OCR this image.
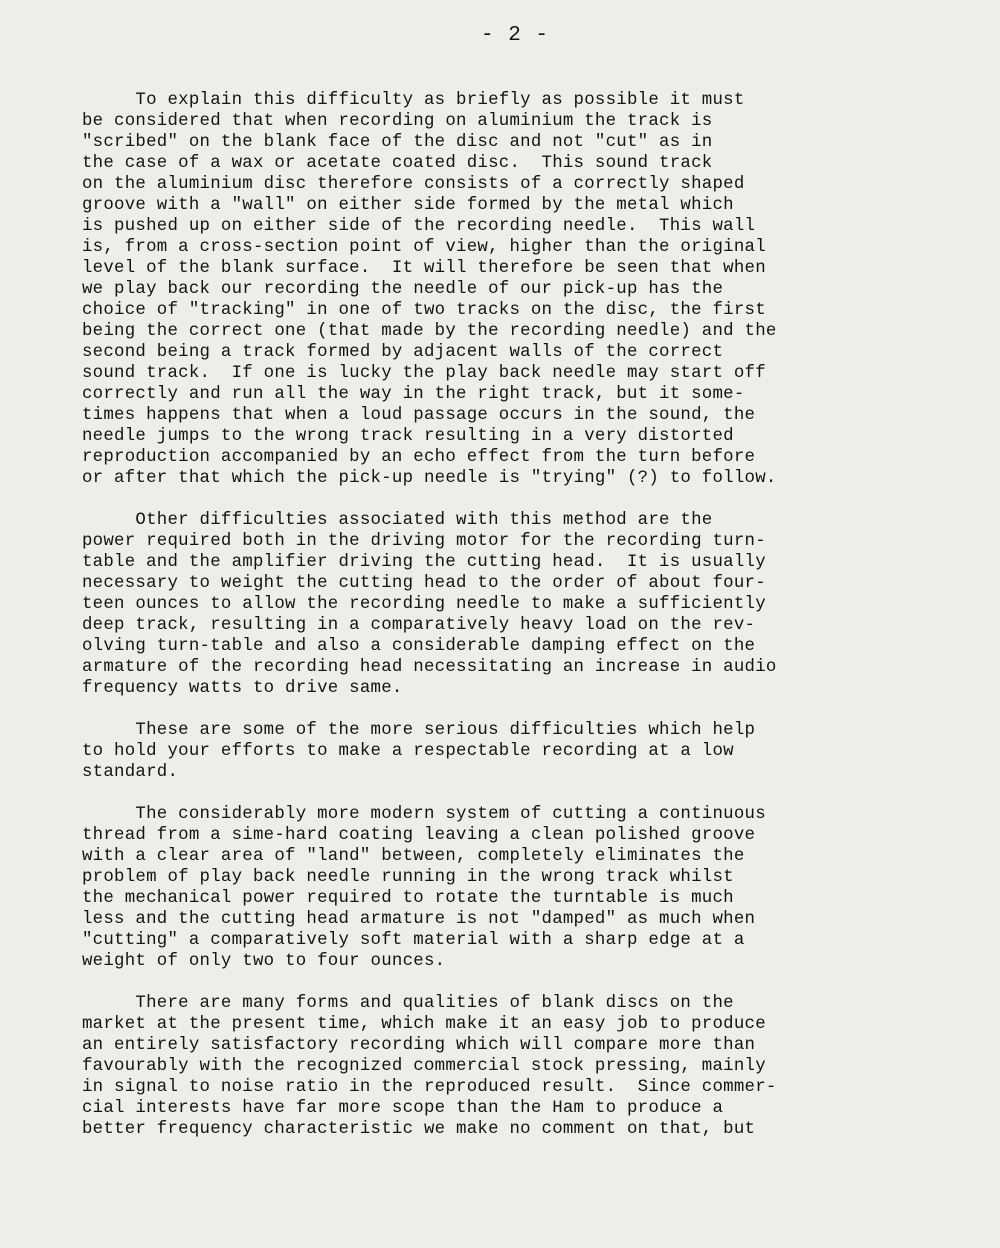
- 2 -
To explain this difficulty as briefly as possible it must
be considered that when recording on aluminium the track is
"scribed" on the blank face of the disc and not "cut" as in
the case of a wax or acetate coated disc.  This sound track
on the aluminium disc therefore consists of a correctly shaped
groove with a "wall" on either side formed by the metal which
is pushed up on either side of the recording needle.  This wall
is, from a cross-section point of view, higher than the original
level of the blank surface.  It will therefore be seen that when
we play back our recording the needle of our pick-up has the
choice of "tracking" in one of two tracks on the disc, the first
being the correct one (that made by the recording needle) and the
second being a track formed by adjacent walls of the correct
sound track.  If one is lucky the play back needle may start off
correctly and run all the way in the right track, but it some-
times happens that when a loud passage occurs in the sound, the
needle jumps to the wrong track resulting in a very distorted
reproduction accompanied by an echo effect from the turn before
or after that which the pick-up needle is "trying" (?) to follow.
Other difficulties associated with this method are the
power required both in the driving motor for the recording turn-
table and the amplifier driving the cutting head.  It is usually
necessary to weight the cutting head to the order of about four-
teen ounces to allow the recording needle to make a sufficiently
deep track, resulting in a comparatively heavy load on the rev-
olving turn-table and also a considerable damping effect on the
armature of the recording head necessitating an increase in audio
frequency watts to drive same.
These are some of the more serious difficulties which help
to hold your efforts to make a respectable recording at a low
standard.
The considerably more modern system of cutting a continuous
thread from a sime-hard coating leaving a clean polished groove
with a clear area of "land" between, completely eliminates the
problem of play back needle running in the wrong track whilst
the mechanical power required to rotate the turntable is much
less and the cutting head armature is not "damped" as much when
"cutting" a comparatively soft material with a sharp edge at a
weight of only two to four ounces.
There are many forms and qualities of blank discs on the
market at the present time, which make it an easy job to produce
an entirely satisfactory recording which will compare more than
favourably with the recognized commercial stock pressing, mainly
in signal to noise ratio in the reproduced result.  Since commer-
cial interests have far more scope than the Ham to produce a
better frequency characteristic we make no comment on that, but
